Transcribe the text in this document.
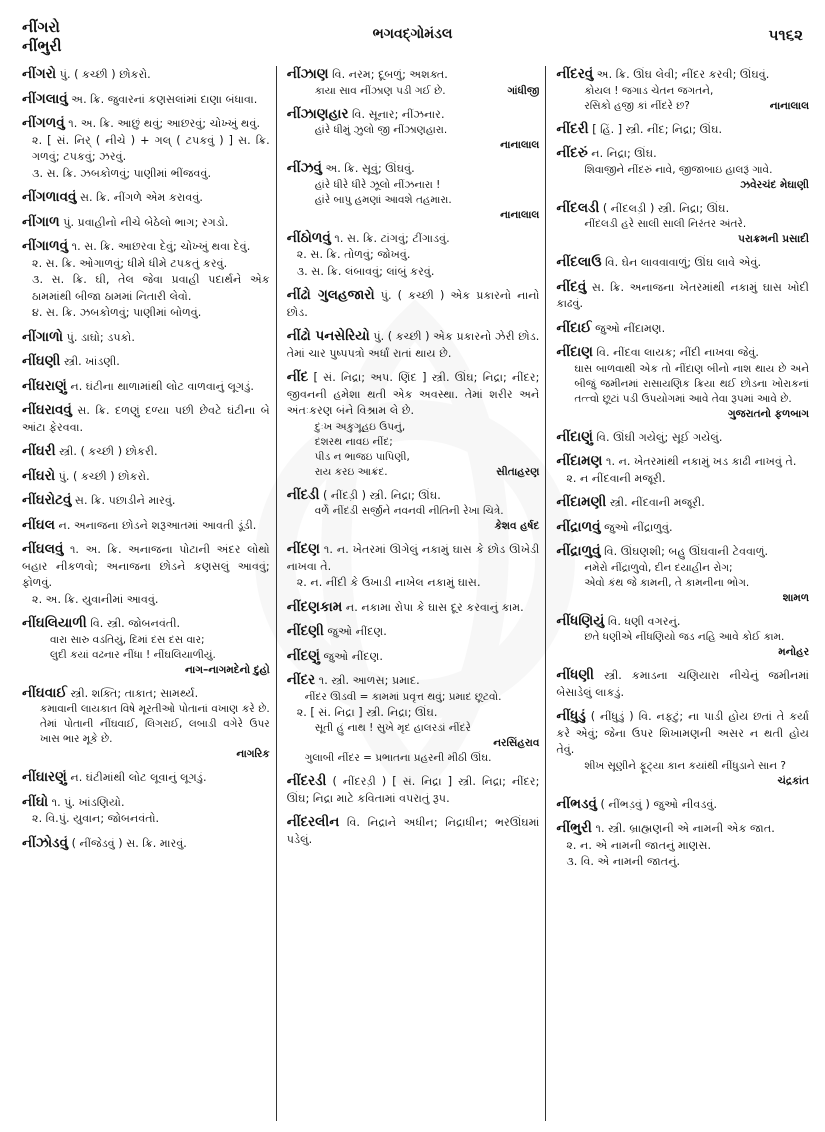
નીંગરો
નીંભુરી
ભગવદ્ગોમંડલ	૫૧૬૨
નીંગરો પું. ( કચ્છી ) છોકરો.
નીંગલાવું અ. ક્રિ. જુવારનાં કણસલાંમાં દાણા બંધાવા.
નીંગળવું ૧. અ. ક્રિ. આછું થવું; આછરવું; ચોખ્ખું થવું.
૨. [ સં. નિર્ ( નીચે ) + ગલ્ ( ટપકવું ) ] સ. ક્રિ. ગળવું; ટપકવું; ઝરવું.
૩. સ. ક્રિ. ઝબકોળવું; પાણીમાં ભીંજવવું.
નીંગળાવવું સ. ક્રિ. નીંગળે એમ કરાવવું.
નીંગાળ પું. પ્રવાહીનો નીચે બેઠેલો ભાગ; રગડો.
નીંગાળવું ૧. સ. ક્રિ. આછરવા દેવું; ચોખ્ખું થવા દેવું.
૨. સ. ક્રિ. ઓગાળવું; ધીમે ધીમે ટપકતું કરવું.
૩. સ. ક્રિ. ઘી, તેલ જેવા પ્રવાહી પદાર્થને એક ઠામમાંથી બીજા ઠામમાં નિતારી લેવો.
૪. સ. ક્રિ. ઝબકોળવું; પાણીમાં બોળવું.
નીંગાળો પું. ડાઘો; ડપકો.
નીંઘણી સ્ત્રી. ખાંડણી.
નીંઘરાણું ન. ઘંટીના થાળામાંથી લોટ વાળવાનું લૂગડું.
નીંઘરાવવું સ. ક્રિ. દળણું દળ્યા પછી છેવટે ઘંટીના બે આંટા ફેરવવા.
નીંઘરી સ્ત્રી. ( કચ્છી ) છોકરી.
નીંઘરો પું. ( કચ્છી ) છોકરો.
નીંઘરોટવું સ. ક્રિ. પછાડીને મારવું.
નીંઘલ ન. અનાજના છોડને શરૂઆતમાં આવતી ડૂંડી.
નીંઘલવું ૧. અ. ક્રિ. અનાજના પોટાની અંદર લોથો બહાર નીકળવો; અનાજના છોડને કણસલું આવવું; ફોળવું.
૨. અ. ક્રિ. યુવાનીમાં આવવું.
નીંઘલિયાળી વિ. સ્ત્રી. જોબનવંતી.
વારા સારુ વડતિયું, દિમાં દસ દસ વાર;
લુદી કયાં વઢનાર નીંધા ! નીંઘલિયાળીયું.
નાગ–નાગમદેનો દુહો
નીંઘવાઈ સ્ત્રી. શક્તિ; તાકાત; સામર્થ્ય.
કમાવાની લાયકાત વિષે મૂરતીઓ પોતાનાં વખાણ કરે છે. તેમાં પોતાની નીંઘવાઈ, લિગરાઈ, લબાડી વગેરે ઉપર ખાસ ભાર મૂકે છે.
નાગરિક
નીંઘારણું ન. ઘંટીમાંથી લોટ લૂવાનું લૂગડું.
નીંઘો ૧. પું. ખાંડણિયો.
૨. વિ.પું. યુવાન; જોબનવંતો.
નીંઝોડવું ( નીંજેડવું ) સ. ક્રિ. મારવું.
નીંઝાણ વિ. નરમ; દૂબળું; અશક્ત.
કાયા સાવ નીંઝાણ પડી ગઈ છે.	ગાંધીજી
નીંઝાણહાર વિ. સૂનાર; નીંઝનાર.
હાંરે ધીમું ઝુલો જી નીંઝાણહારા.
નાનાલાલ
નીંઝવું અ. ક્રિ. સૂવું; ઊંઘવું.
હાંરે ધીરે ધીરે ઝૂલો નીંઝનારા !
હાંરે બાપુ હમણાં આવશે તહમારા.
નાનાલાલ
નીંઠોળવું ૧. સ. ક્રિ. ટાંગવું; ટીંગાડવું.
૨. સ. ક્રિ. તોળવું; જોખવું.
૩. સ. ક્રિ. લંબાવવું; લાંબું કરવું.
નીંઢો ગુલહજારો પું. ( કચ્છી ) એક પ્રકારનો નાનો છોડ.
નીંઢો પનસેરિયો પું. ( કચ્છી ) એક પ્રકારનો ઝેરી છોડ. તેમાં ચાર પુષ્પપત્રો અર્ધાં રાતાં થાય છે.
નીંદ [ સં. નિદ્રા; અપ. ણિંદ ] સ્ત્રી. ઊંઘ; નિદ્રા; નીંદર; જીવનની હમેશા થતી એક અવસ્થા. તેમાં શરીર અને અંતઃકરણ બંને વિશ્રામ લે છે.
દુઃખ અકુગૂહઇ ઉપનું,
દશરથ નાવઇ નીંદ;
પીડ ન ભાજઇ પાપિણી,
રાય કરઇ આક્રંદ.	સીતાહરણ
નીંદડી ( નીંદડ઼ી ) સ્ત્રી. નિદ્રા; ઊંઘ.
વર્ળે નીંદડી સર્જીને નવનવી નીતિની રેખા ચિત્રે.
કેશવ હર્ષદ
નીંદણ ૧. ન. ખેતરમાં ઊગેલું નકામું ઘાસ કે છોડ ઊખેડી નાખવા તે.
૨. ન. નીંદી કે ઉખાડી નાખેલ નકામું ઘાસ.
નીંદણકામ ન. નકામા રોપા કે ઘાસ દૂર કરવાનું કામ.
નીંદણી જુઓ નીંદણ.
નીંદણું જુઓ નીંદણ.
નીંદર ૧. સ્ત્રી. આળસ; પ્રમાદ.
નીંદર ઊડવી = કામમાં પ્રવૃત્ત થવું; પ્રમાદ છૂટવો.
૨. [ સં. નિદ્રા ] સ્ત્રી. નિદ્રા; ઊંઘ.
સૂતી હું નાથ ! સુખે મૃદ હાલરડાં નીંદરે
નરસિંહરાવ
ગુલાબી નીંદર = પ્રભાતના પ્રહરની મીઠી ઊંઘ.
નીંદરડી ( નીંદરડ઼ી ) [ સં. નિદ્રા ] સ્ત્રી. નિદ્રા; નીંદર; ઊંઘ; નિદ્રા માટે કવિતામાં વપરાતું રૂપ.
નીંદરલીન વિ. નિદ્રાને અધીન; નિદ્રાધીન; ભરઊંઘમાં પડેલું.
નીંદરવું અ. ક્રિ. ઊંઘ લેવી; નીંદર કરવી; ઊંઘવું.
કોયલ ! જગાડ ચેતન જગતને,
રસિકો હજી કાં નીંદરે છ?	નાનાલાલ
નીંદરી [ હિં. ] સ્ત્રી. નીંદ; નિદ્રા; ઊંઘ.
નીંદરું ન. નિદ્રા; ઊંઘ.
શિવાજીને નીંદરું નાવે, જીજાબાઇ હાલરૂં ગાવે.
ઝવેરચંદ મેઘાણી
નીંદલડી ( નીંદલડ઼ી ) સ્ત્રી. નિદ્રા; ઊંઘ.
નીંદલડી હરે સાલી સાલી નિરંતર અંતરે.
પરાક્રમની પ્રસાદી
નીંદલાઉ વિ. ઘેન લાવવાવાળું; ઊંઘ લાવે એવું.
નીંદવું સ. ક્રિ. અનાજના ખેતરમાંથી નકામું ઘાસ ખોદી કાઢવું.
નીંદાઈ જુઓ નીંદામણ.
નીંદાણ વિ. નીંદવા લાયક; નીંદી નાખવા જેવું.
ઘાસ બાળવાથી એક તો નીંદાણ બીનો નાશ થાય છે અને બીજું જમીનમાં રાસાયણિક ક્રિયા થઈ છોડના ખોરાકનાં તત્ત્વો છૂટાં પડી ઉપયોગમાં આવે તેવા રૂપમાં આવે છે.
ગુજરાતનો ફળબાગ
નીંદાણું વિ. ઊંઘી ગયેલું; સૂઈ ગયેલું.
નીંદામણ ૧. ન. ખેતરમાંથી નકામું ખડ કાઢી નાખવું તે.
૨. ન નીંદવાની મજૂરી.
નીંદામણી સ્ત્રી. નીંદવાની મજૂરી.
નીંદ્રાળવું જુઓ નીંદ્રાળુવું.
નીંદ્રાળુવું વિ. ઊંઘણશી; બહુ ઊંઘવાની ટેવવાળું.
નમેરો નીંદ્રાળુવો, દીન દયાહીન રોગ;
એવો કંથ જે કામની, તે કામનીના ભોગ.
શામળ
નીંધણિયું વિ. ધણી વગરનું.
છતે ધણીએ નીંધણિયો જડ નહિ આવે કોઈ કામ.
મનોહર
નીંધણી સ્ત્રી. કમાડના ચણિયારા નીચેનું જમીનમાં બેસાડેલું લાકડું.
નીંધુડું ( નીંધુડું ) વિ. નફટું; ના પાડી હોય છતાં તે કર્યા કરે એવું; જેના ઉપર શિખામણની અસર ન થતી હોય તેવું.
શીખ સૂણીને ફૂટ્યા કાન કયાંથી નીંધુડાને સાન ?
ચંદ્રકાંત
નીંભડવું ( નીંભડ઼વું ) જુઓ નીવડવું.
નીંભુરી ૧. સ્ત્રી. બ્રાહ્મણની એ નામની એક જાત.
૨. ન. એ નામની જાતનું માણસ.
૩. વિ. એ નામની જાતનું.
